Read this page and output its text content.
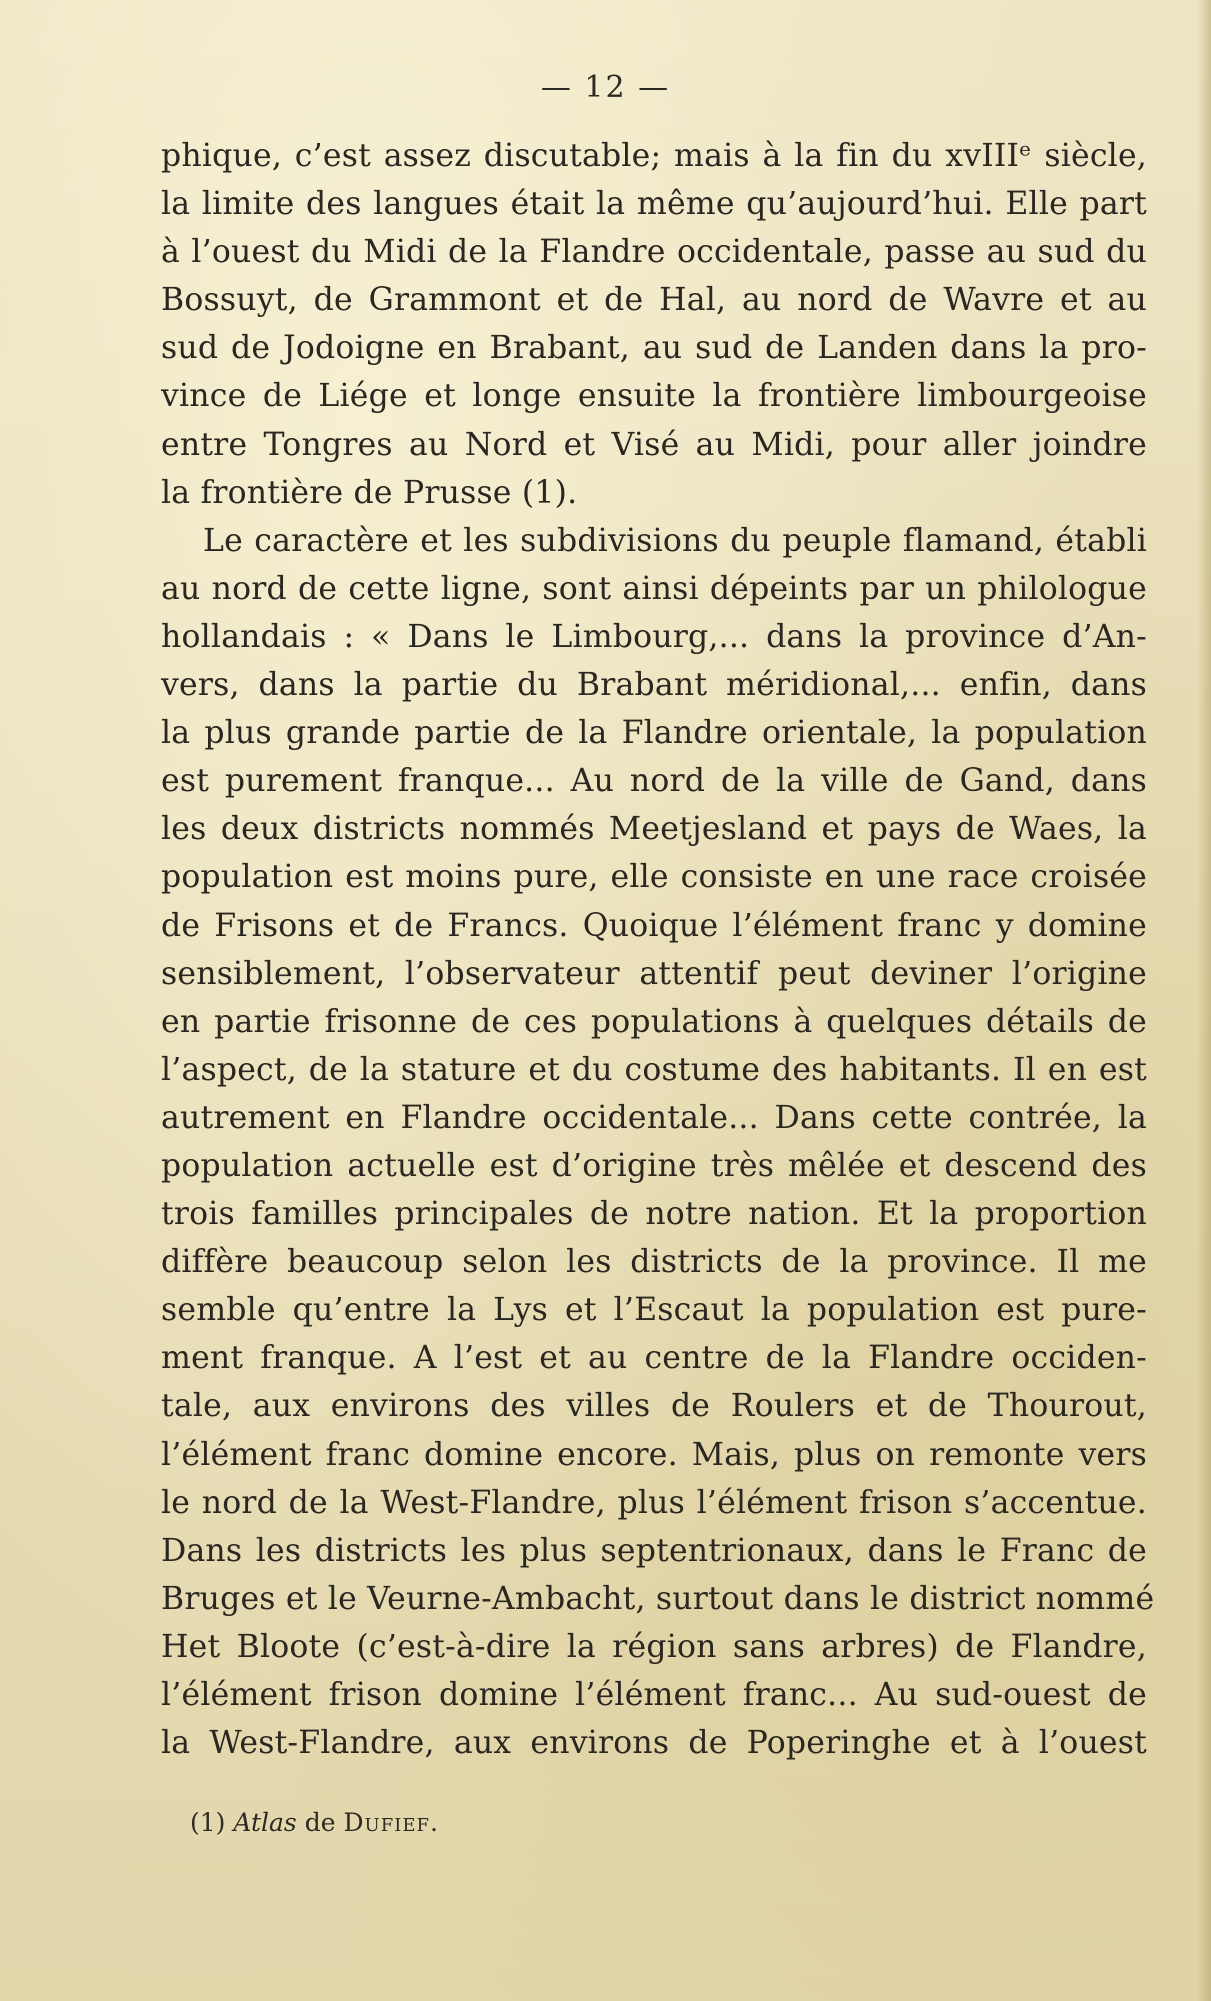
— 12 —
phique, c’est assez discutable; mais à la fin du xvIIIᵉ siècle,
la limite des langues était la même qu’aujourd’hui. Elle part
à l’ouest du Midi de la Flandre occidentale, passe au sud du
Bossuyt, de Grammont et de Hal, au nord de Wavre et au
sud de Jodoigne en Brabant, au sud de Landen dans la pro-
vince de Liége et longe ensuite la frontière limbourgeoise
entre Tongres au Nord et Visé au Midi, pour aller joindre
la frontière de Prusse (1).
Le caractère et les subdivisions du peuple flamand, établi
au nord de cette ligne, sont ainsi dépeints par un philologue
hollandais : « Dans le Limbourg,... dans la province d’An-
vers, dans la partie du Brabant méridional,... enfin, dans
la plus grande partie de la Flandre orientale, la population
est purement franque... Au nord de la ville de Gand, dans
les deux districts nommés Meetjesland et pays de Waes, la
population est moins pure, elle consiste en une race croisée
de Frisons et de Francs. Quoique l’élément franc y domine
sensiblement, l’observateur attentif peut deviner l’origine
en partie frisonne de ces populations à quelques détails de
l’aspect, de la stature et du costume des habitants. Il en est
autrement en Flandre occidentale... Dans cette contrée, la
population actuelle est d’origine très mêlée et descend des
trois familles principales de notre nation. Et la proportion
diffère beaucoup selon les districts de la province. Il me
semble qu’entre la Lys et l’Escaut la population est pure-
ment franque. A l’est et au centre de la Flandre occiden-
tale, aux environs des villes de Roulers et de Thourout,
l’élément franc domine encore. Mais, plus on remonte vers
le nord de la West-Flandre, plus l’élément frison s’accentue.
Dans les districts les plus septentrionaux, dans le Franc de
Bruges et le Veurne-Ambacht, surtout dans le district nommé
Het Bloote (c’est-à-dire la région sans arbres) de Flandre,
l’élément frison domine l’élément franc... Au sud-ouest de
la West-Flandre, aux environs de Poperinghe et à l’ouest
(1) Atlas de Dufief.
